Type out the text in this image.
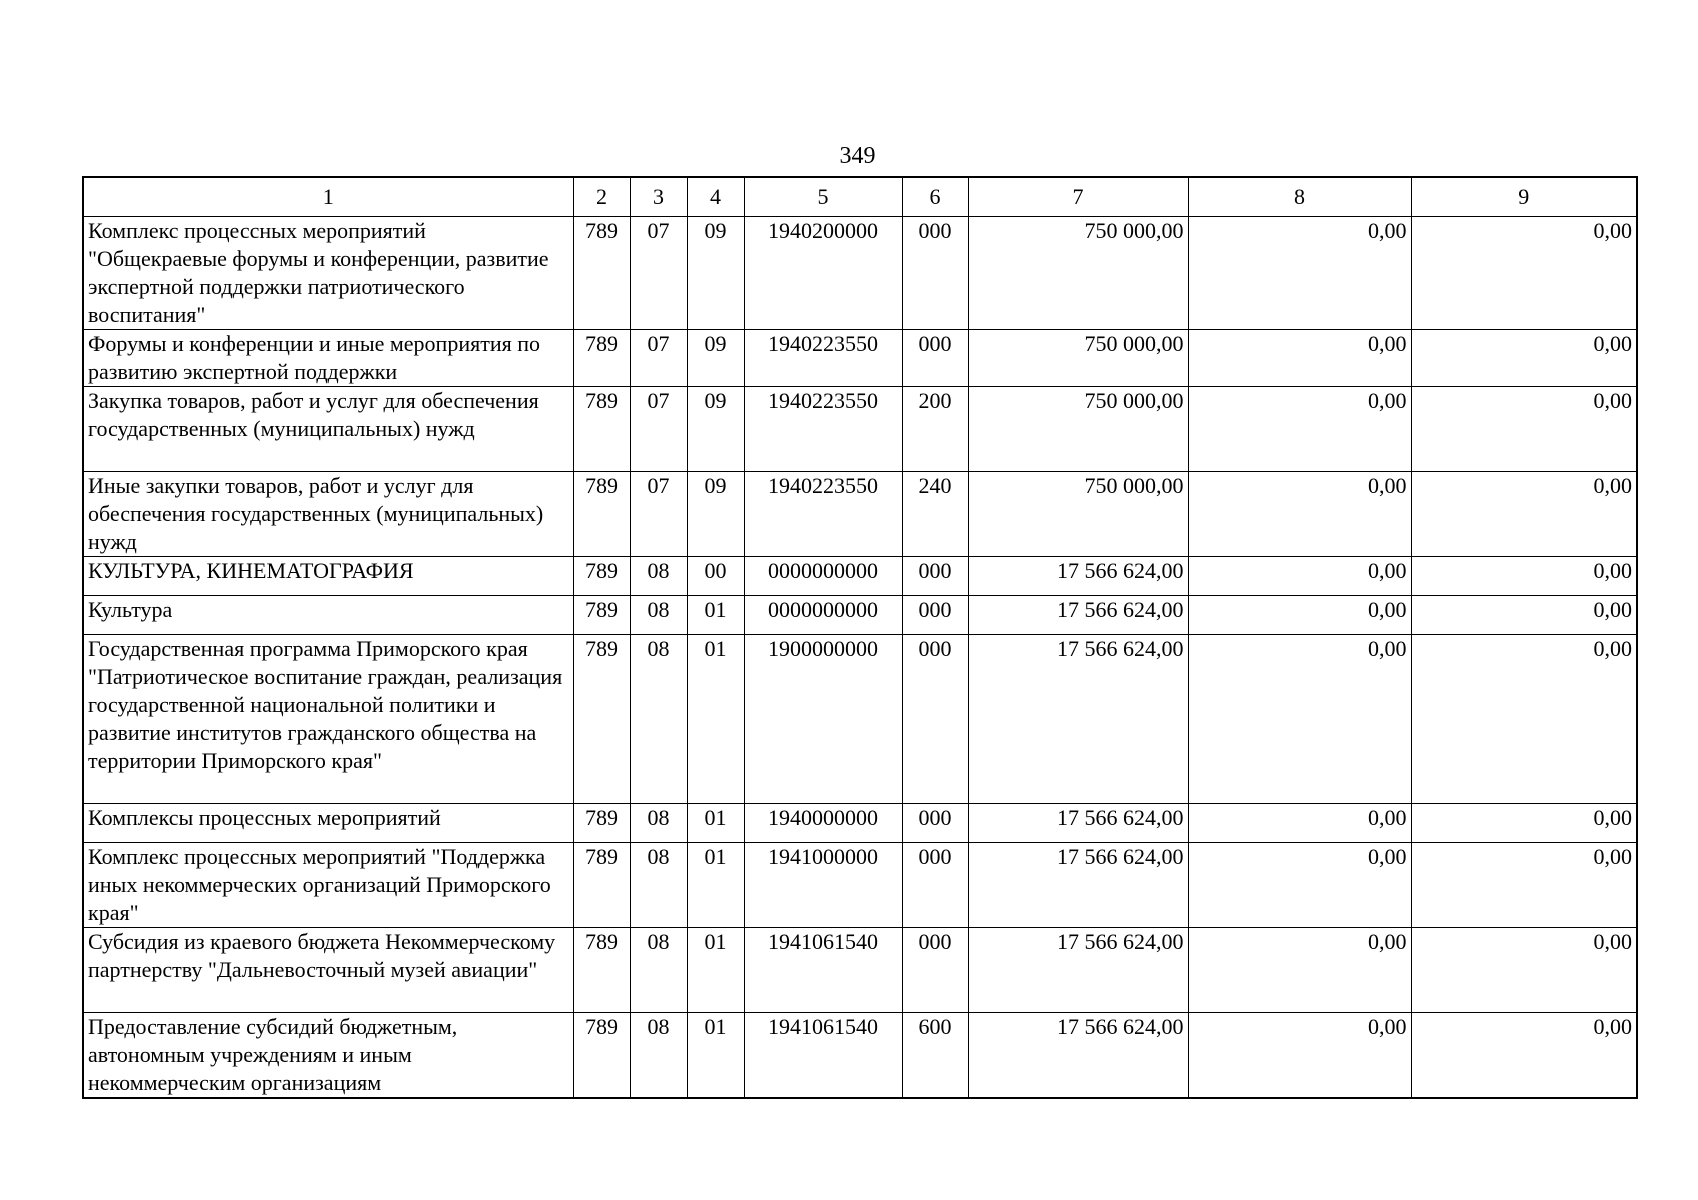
349
1	2	3	4	5	6	7	8	9
Комплекс процессных мероприятий "Общекраевые форумы и конференции, развитие экспертной поддержки патриотического воспитания"	789	07	09	1940200000	000	750 000,00	0,00	0,00
Форумы и конференции и иные мероприятия по развитию экспертной поддержки	789	07	09	1940223550	000	750 000,00	0,00	0,00
Закупка товаров, работ и услуг для обеспечения государственных (муниципальных) нужд	789	07	09	1940223550	200	750 000,00	0,00	0,00
Иные закупки товаров, работ и услуг для обеспечения государственных (муниципальных) нужд	789	07	09	1940223550	240	750 000,00	0,00	0,00
КУЛЬТУРА, КИНЕМАТОГРАФИЯ	789	08	00	0000000000	000	17 566 624,00	0,00	0,00
Культура	789	08	01	0000000000	000	17 566 624,00	0,00	0,00
Государственная программа Приморского края "Патриотическое воспитание граждан, реализация государственной национальной политики и развитие институтов гражданского общества на территории Приморского края"	789	08	01	1900000000	000	17 566 624,00	0,00	0,00
Комплексы процессных мероприятий	789	08	01	1940000000	000	17 566 624,00	0,00	0,00
Комплекс процессных мероприятий "Поддержка иных некоммерческих организаций Приморского края"	789	08	01	1941000000	000	17 566 624,00	0,00	0,00
Субсидия из краевого бюджета Некоммерческому партнерству "Дальневосточный музей авиации"	789	08	01	1941061540	000	17 566 624,00	0,00	0,00
Предоставление субсидий бюджетным, автономным учреждениям и иным некоммерческим организациям	789	08	01	1941061540	600	17 566 624,00	0,00	0,00
